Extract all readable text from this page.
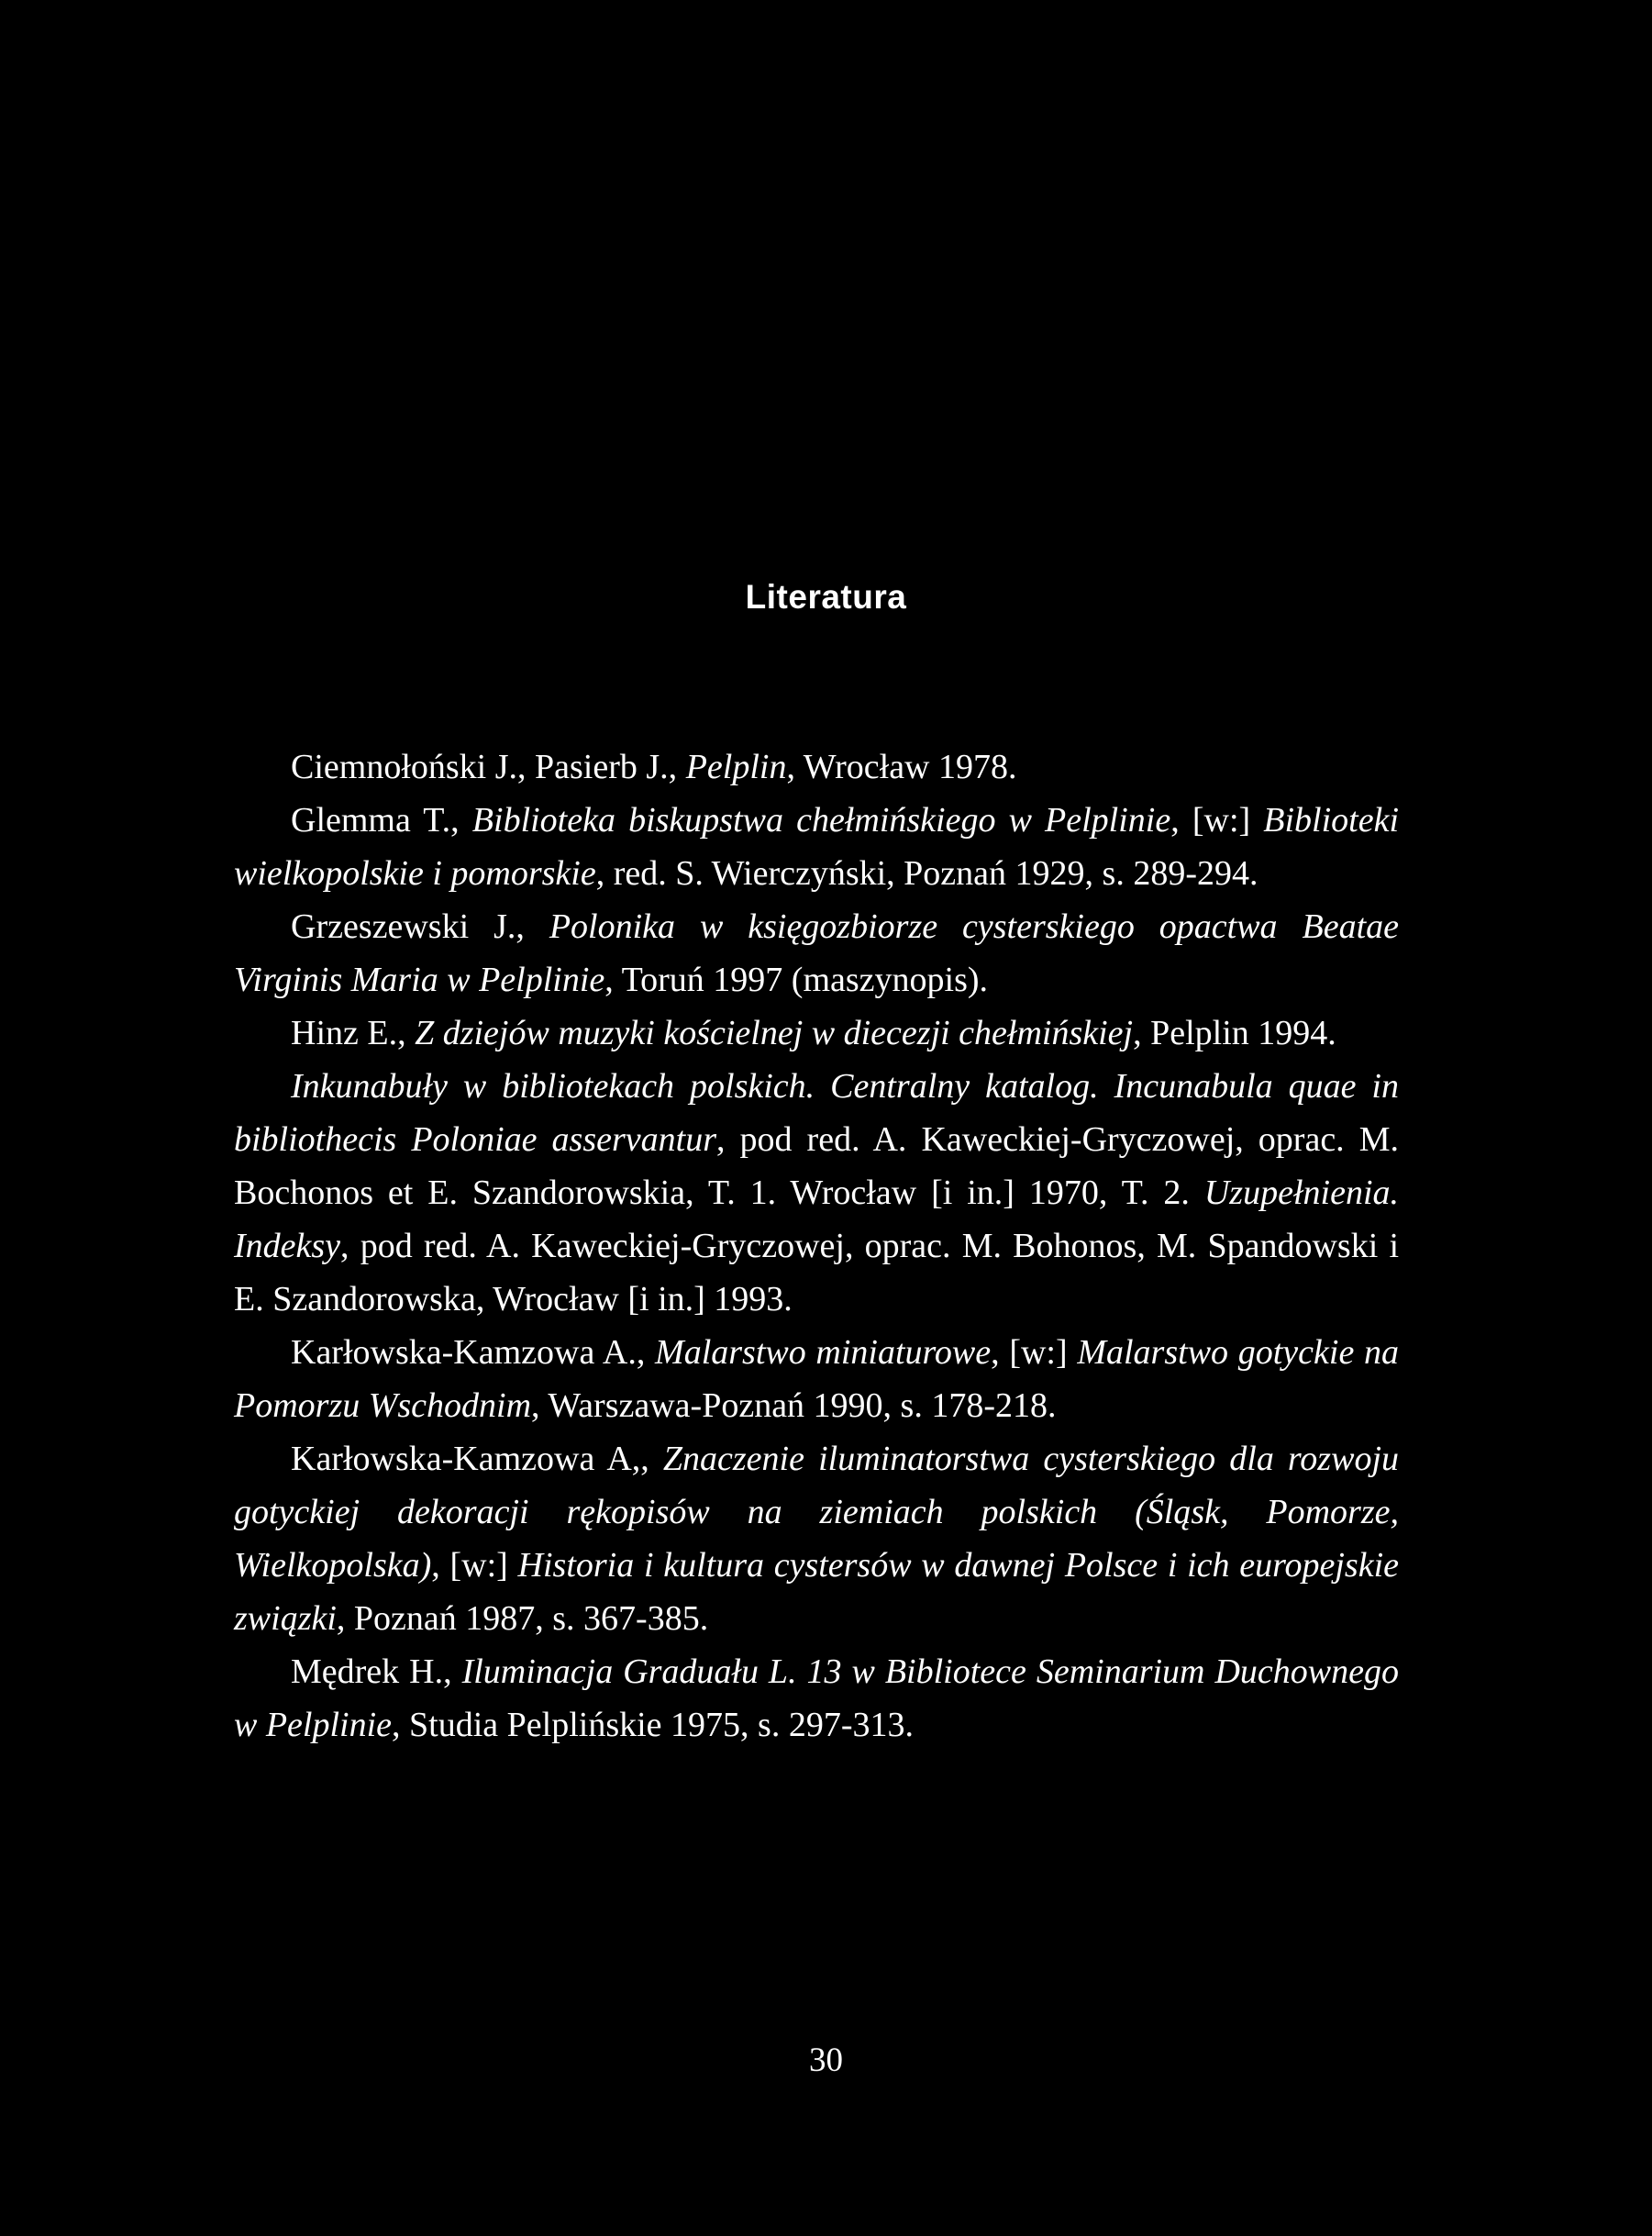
Literatura

Ciemnołoński J., Pasierb J., Pelplin, Wrocław 1978.

Glemma T., Biblioteka biskupstwa chełmińskiego w Pelplinie, [w:] Biblioteki wielkopolskie i pomorskie, red. S. Wierczyński, Poznań 1929, s. 289-294.

Grzeszewski J., Polonika w księgozbiorze cysterskiego opactwa Beatae Virginis Maria w Pelplinie, Toruń 1997 (maszynopis).

Hinz E., Z dziejów muzyki kościelnej w diecezji chełmińskiej, Pelplin 1994.

Inkunabuły w bibliotekach polskich. Centralny katalog. Incunabula quae in bibliothecis Poloniae asservantur, pod red. A. Kaweckiej-Gryczowej, oprac. M. Bochonos et E. Szandorowskia, T. 1. Wrocław [i in.] 1970, T. 2. Uzupełnienia. Indeksy, pod red. A. Kaweckiej-Gryczowej, oprac. M. Bohonos, M. Spandowski i E. Szandorowska, Wrocław [i in.] 1993.

Karłowska-Kamzowa A., Malarstwo miniaturowe, [w:] Malarstwo gotyckie na Pomorzu Wschodnim, Warszawa-Poznań 1990, s. 178-218.

Karłowska-Kamzowa A,, Znaczenie iluminatorstwa cysterskiego dla rozwoju gotyckiej dekoracji rękopisów na ziemiach polskich (Śląsk, Pomorze, Wielkopolska), [w:] Historia i kultura cystersów w dawnej Polsce i ich europejskie związki, Poznań 1987, s. 367-385.

Mędrek H., Iluminacja Graduału L. 13 w Bibliotece Seminarium Duchownego w Pelplinie, Studia Pelplińskie 1975, s. 297-313.

30
